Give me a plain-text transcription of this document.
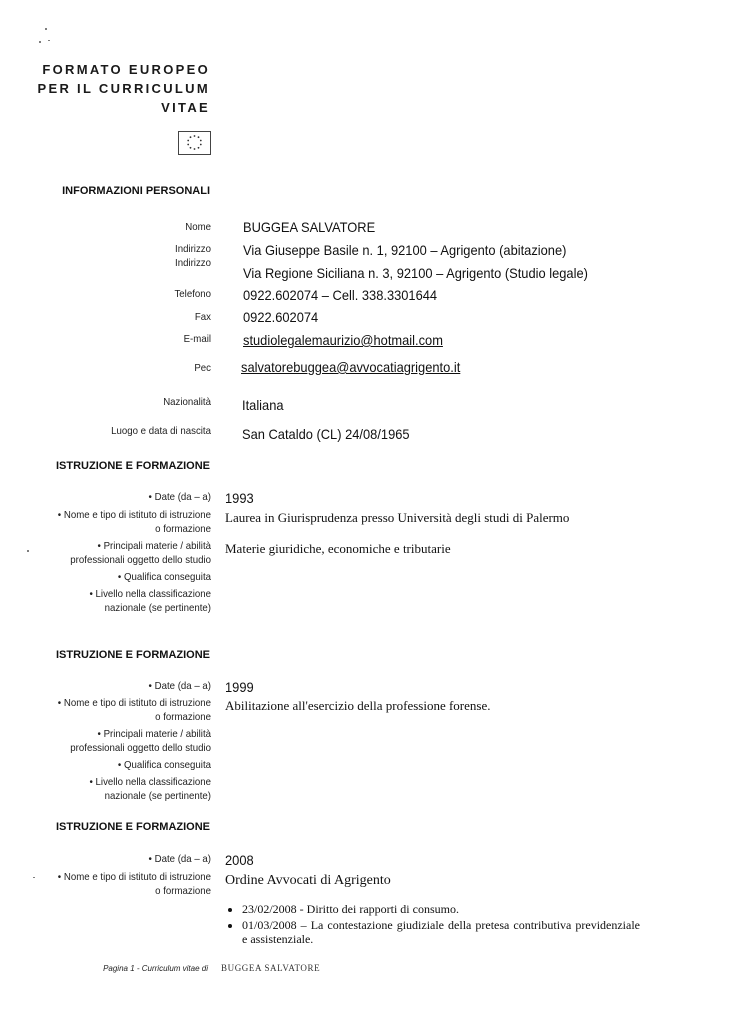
FORMATO EUROPEO
PER IL CURRICULUM
VITAE
INFORMAZIONI PERSONALI
Nome BUGGEA SALVATORE
Indirizzo Via Giuseppe Basile n. 1, 92100 – Agrigento (abitazione)
Indirizzo
Via Regione Siciliana n. 3, 92100 – Agrigento (Studio legale)
Telefono 0922.602074 – Cell. 338.3301644
Fax 0922.602074
E-mail studiolegalemaurizio@hotmail.com
Pec salvatorebuggea@avvocatiagrigento.it
Nazionalità Italiana
Luogo e data di nascita San Cataldo (CL) 24/08/1965
ISTRUZIONE E FORMAZIONE
• Date (da – a) 1993
• Nome e tipo di istituto di istruzione
o formazione
Laurea in Giurisprudenza presso Università degli studi di Palermo
• Principali materie / abilità
professionali oggetto dello studio
Materie giuridiche, economiche e tributarie
• Qualifica conseguita
• Livello nella classificazione
nazionale (se pertinente)
ISTRUZIONE E FORMAZIONE
• Date (da – a) 1999
• Nome e tipo di istituto di istruzione
o formazione
Abilitazione all'esercizio della professione forense.
• Principali materie / abilità
professionali oggetto dello studio
• Qualifica conseguita
• Livello nella classificazione
nazionale (se pertinente)
ISTRUZIONE E FORMAZIONE
• Date (da – a) 2008
• Nome e tipo di istituto di istruzione
o formazione
Ordine Avvocati di Agrigento
• 23/02/2008 - Diritto dei rapporti di consumo.
• 01/03/2008 – La contestazione giudiziale della pretesa contributiva previdenziale e assistenziale.
Pagina 1 - Curriculum vitae di BUGGEA SALVATORE
